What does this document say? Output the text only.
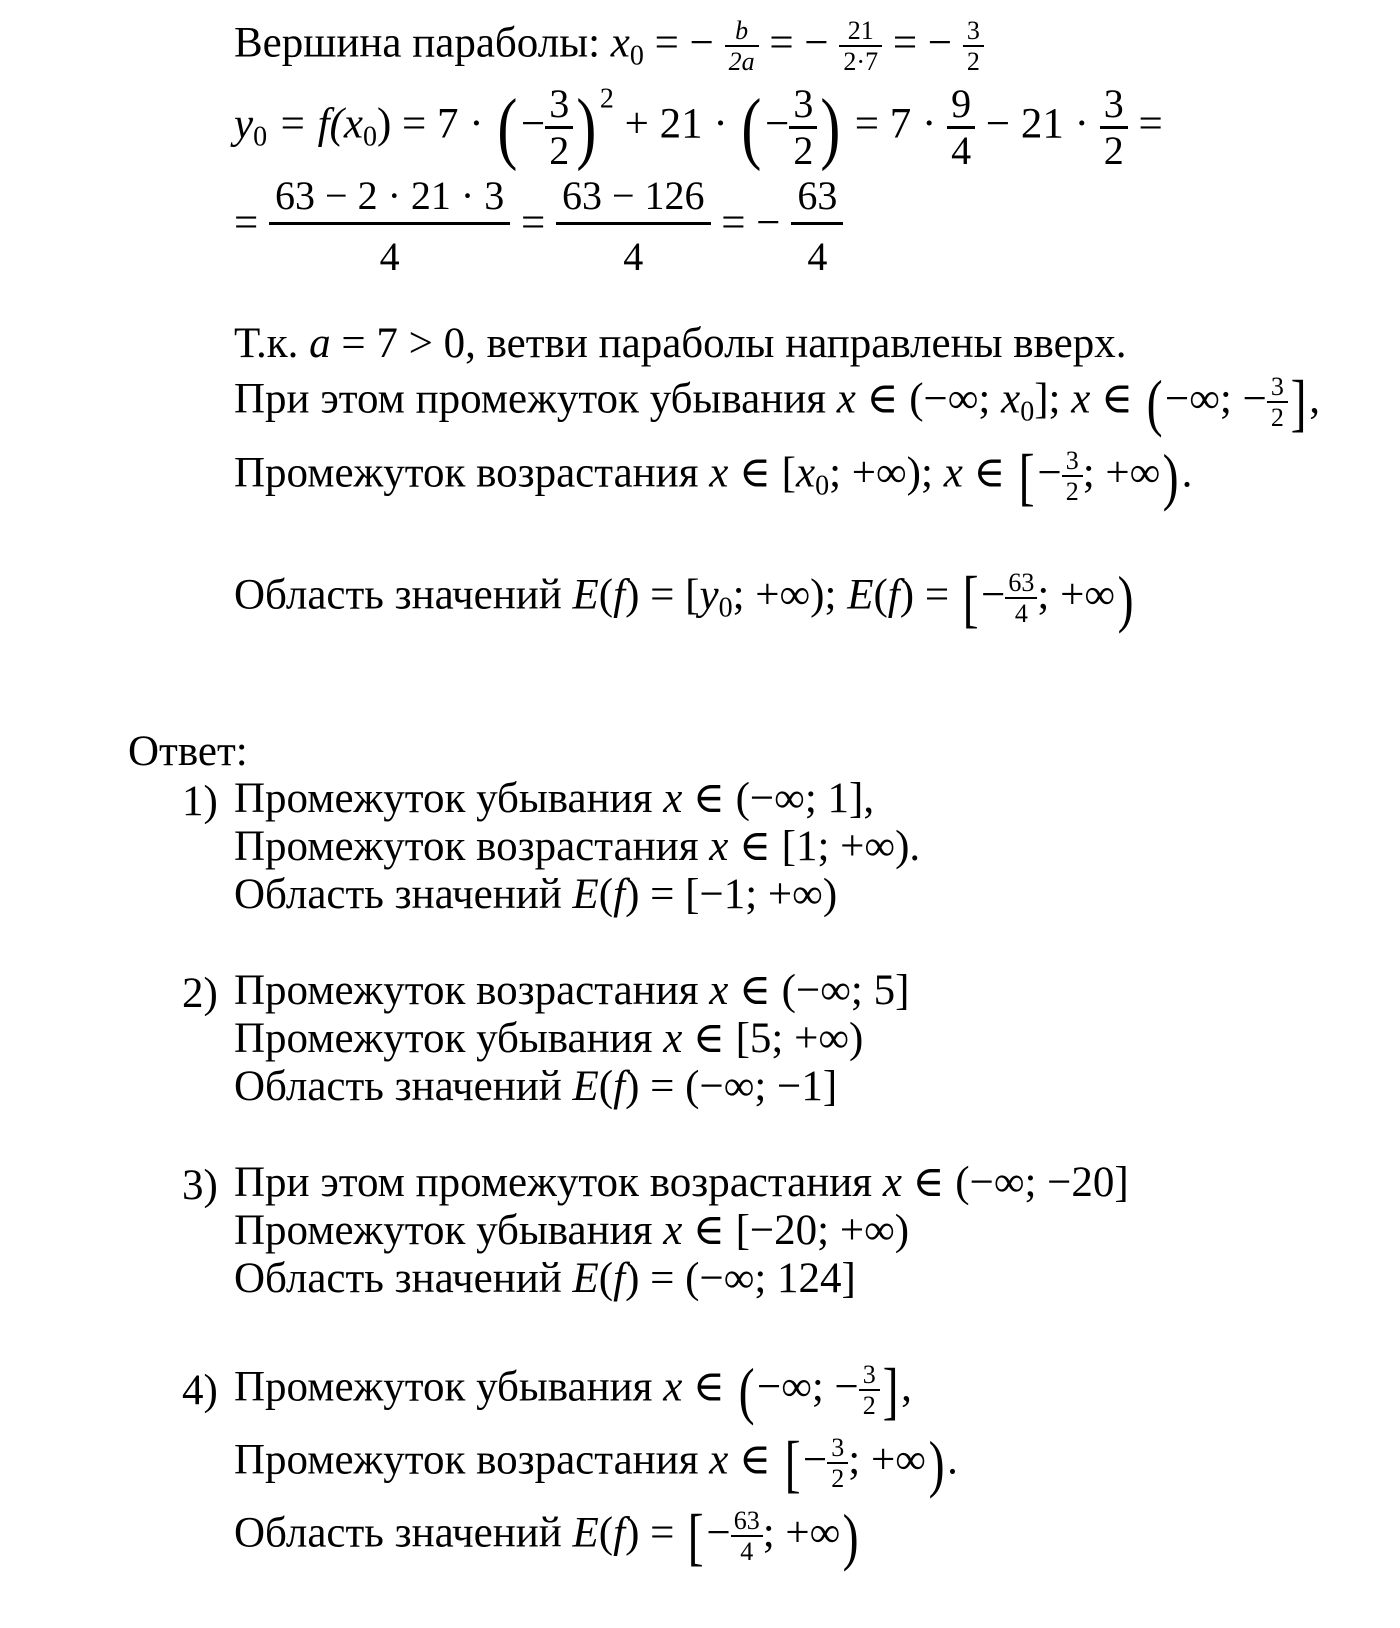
Вершина параболы: $x_0$ = − $\frac{b}{2a}$ = − $\frac{21}{2\cdot 7}$ = − $\frac{3}{2}$
$y_0 = f(x_0) = 7$ · (− $\frac{3}{2}$ ) $^2$ + 21 · (− $\frac{3}{2}$ ) = $7 \cdot \frac{9}{4} - 21 \cdot \frac{3}{2}$ =
= $\frac{63 - 2 \cdot 21 \cdot 3}{4} = \frac{63 - 126}{4}$ = − $\frac{63}{4}$
Т.к. a = 7 > 0, ветви параболы направлены вверх.
При этом промежуток убывания x ∈ (−∞; $x_0$]; x ∈ (−∞; − $\frac{3}{2}$ ],
Промежуток возрастания x ∈ [$x_0$; +∞); x ∈ [− $\frac{3}{2}$ ; +∞).
Область значений $E(f) = [y_0$; +∞); E(f) = [− $\frac{63}{4}$ ; +∞)
Ответ:
1) Промежуток убывания x ∈ (−∞; 1],
Промежуток возрастания x ∈ [1; +∞).
Область значений E(f) = [−1; +∞)
2) Промежуток возрастания x ∈ (−∞; 5]
Промежуток убывания x ∈ [5; +∞)
Область значений E(f) = (−∞; −1]
3) При этом промежуток возрастания x ∈ (−∞; −20]
Промежуток убывания x ∈ [−20; +∞)
Область значений E(f) = (−∞; 124]
4) Промежуток убывания x ∈ (−∞; − $\frac{3}{2}$ ],
Промежуток возрастания x ∈ [− $\frac{3}{2}$ ; +∞).
Область значений E(f) = [− $\frac{63}{4}$ ; +∞)
